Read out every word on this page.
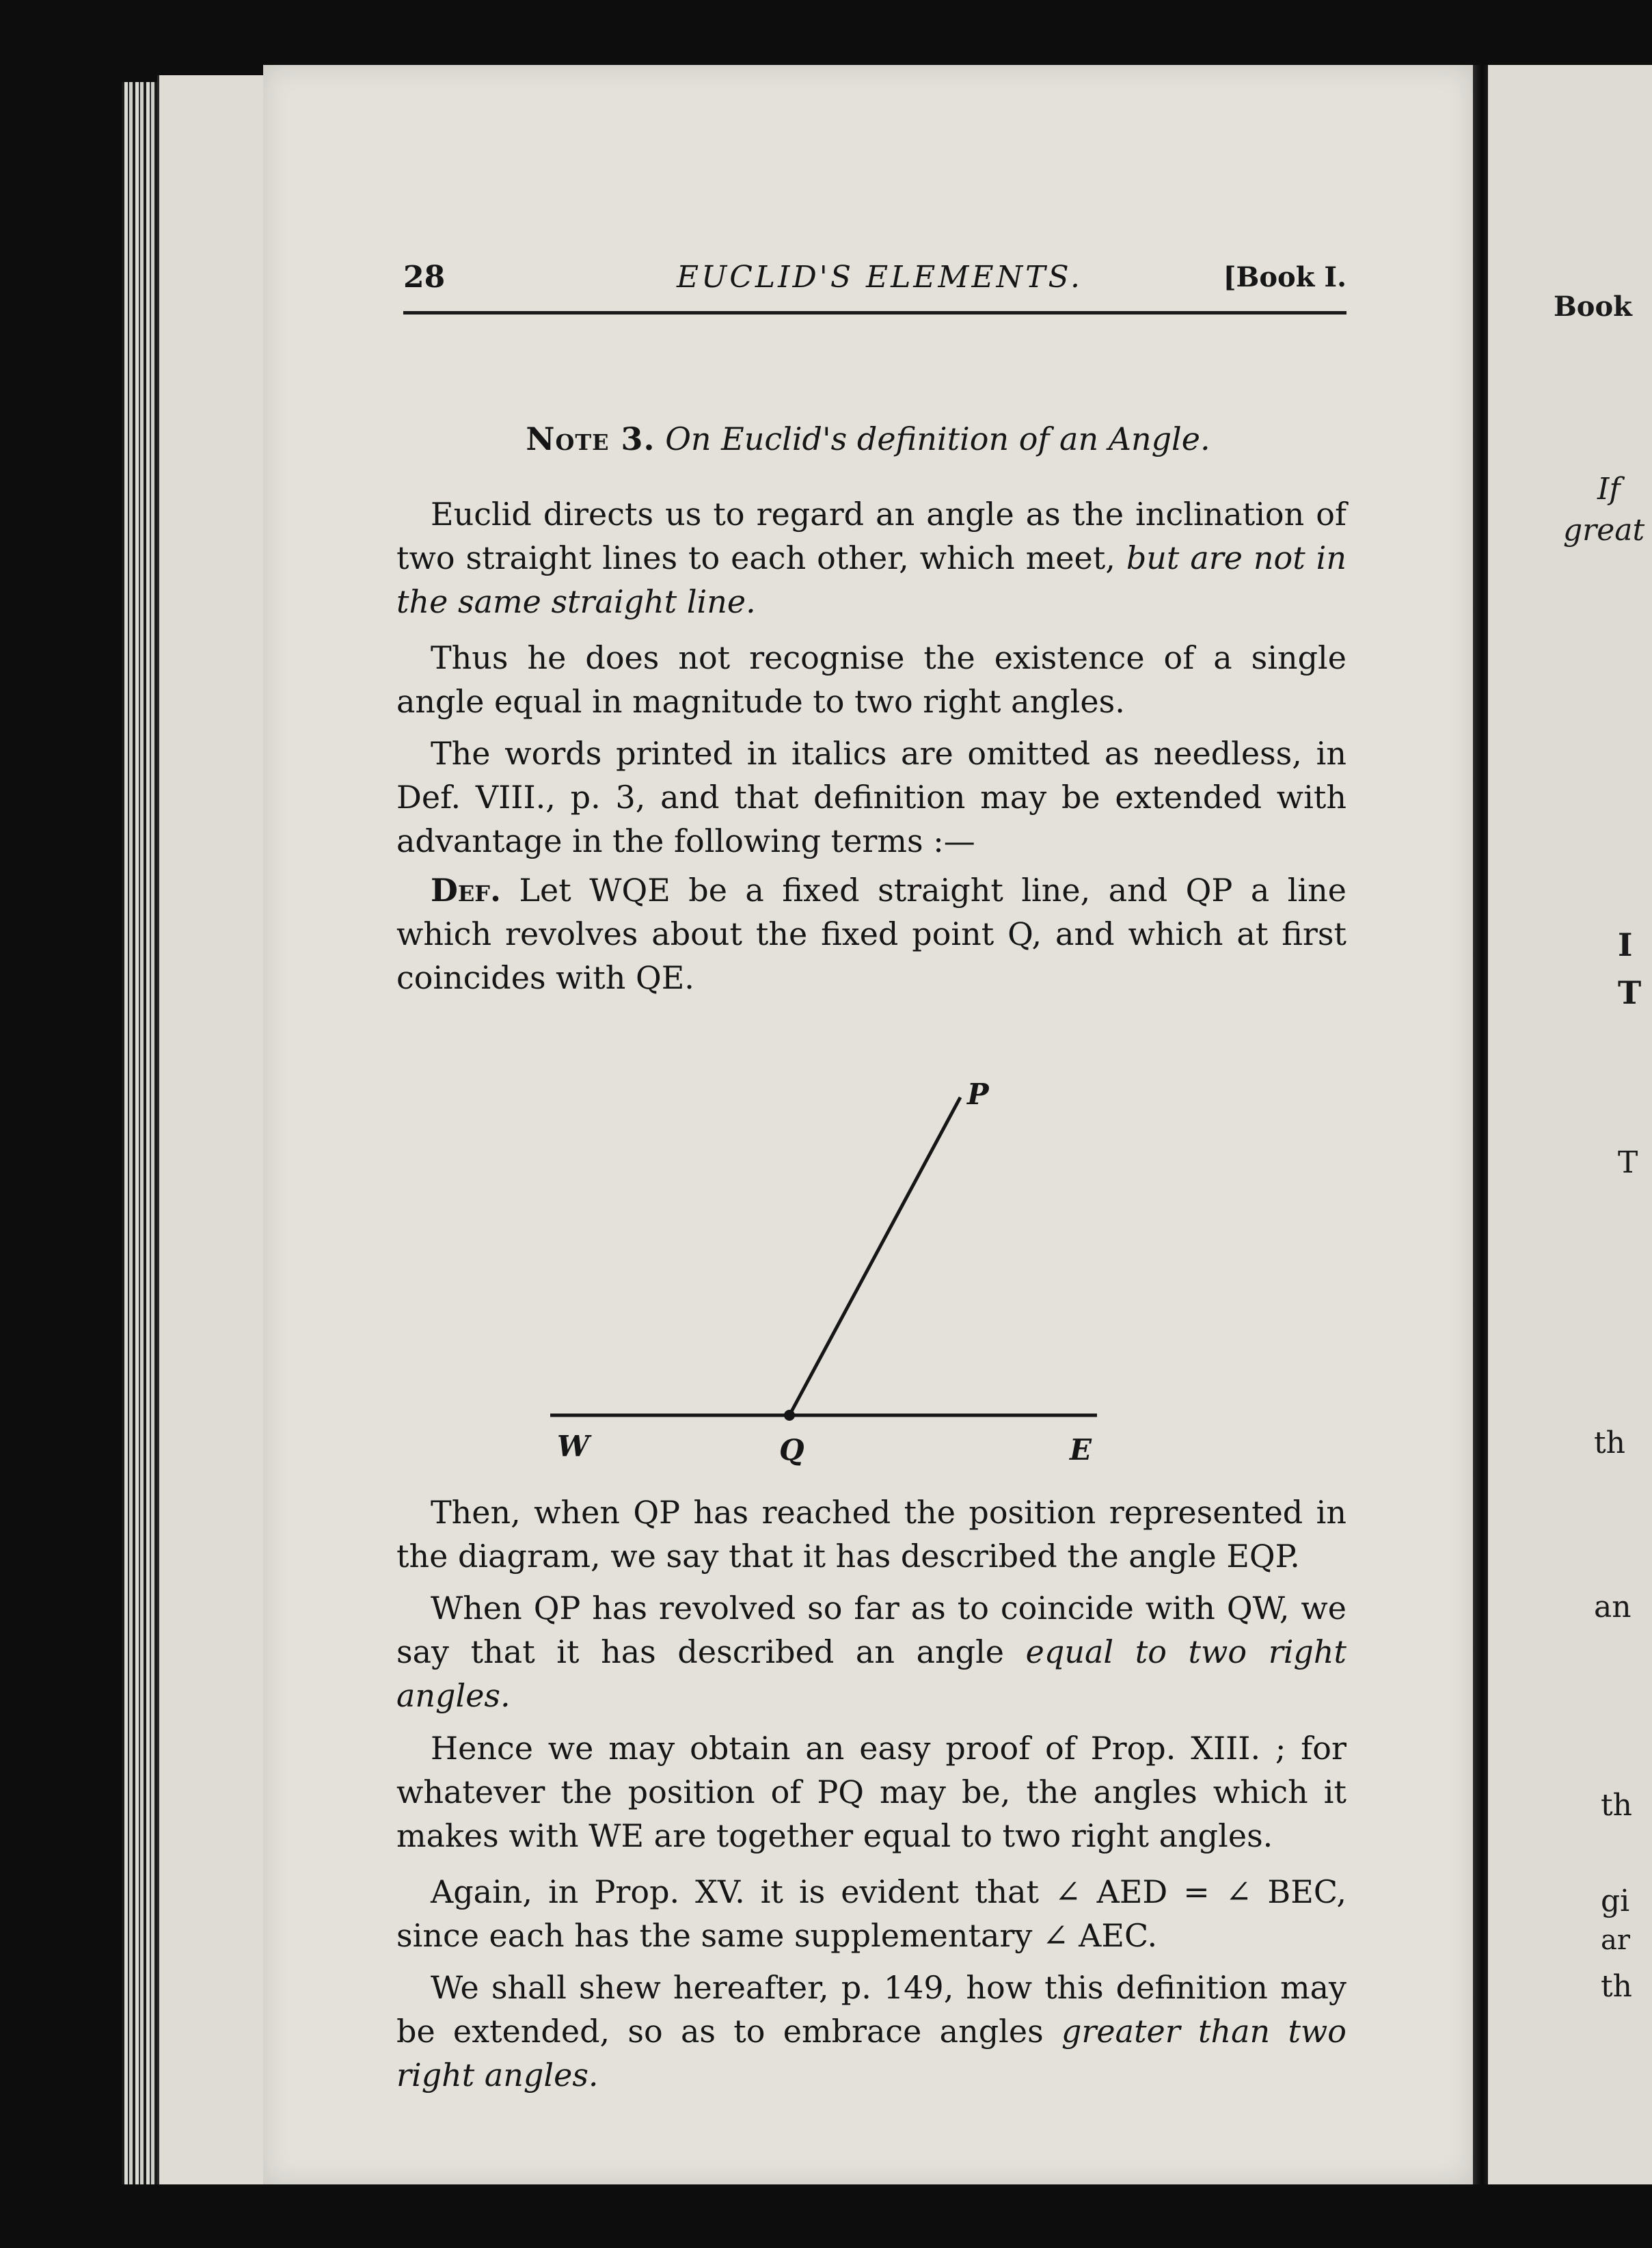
28	EUCLID'S ELEMENTS.	[Book I.
Note 3. On Euclid's definition of an Angle.
Euclid directs us to regard an angle as the inclination of two straight lines to each other, which meet, but are not in the same straight line.
Thus he does not recognise the existence of a single angle equal in magnitude to two right angles.
The words printed in italics are omitted as needless, in Def. VIII., p. 3, and that definition may be extended with advantage in the following terms :—
Def. Let WQE be a fixed straight line, and QP a line which revolves about the fixed point Q, and which at first coincides with QE.
P
W	Q	E
Then, when QP has reached the position represented in the diagram, we say that it has described the angle EQP.
When QP has revolved so far as to coincide with QW, we say that it has described an angle equal to two right angles.
Hence we may obtain an easy proof of Prop. XIII. ; for whatever the position of PQ may be, the angles which it makes with WE are together equal to two right angles.
Again, in Prop. XV. it is evident that ∠ AED = ∠ BEC, since each has the same supplementary ∠ AEC.
We shall shew hereafter, p. 149, how this definition may be extended, so as to embrace angles greater than two right angles.
Book
If
great
I
T
T
th
an
th
gi
ar
th
